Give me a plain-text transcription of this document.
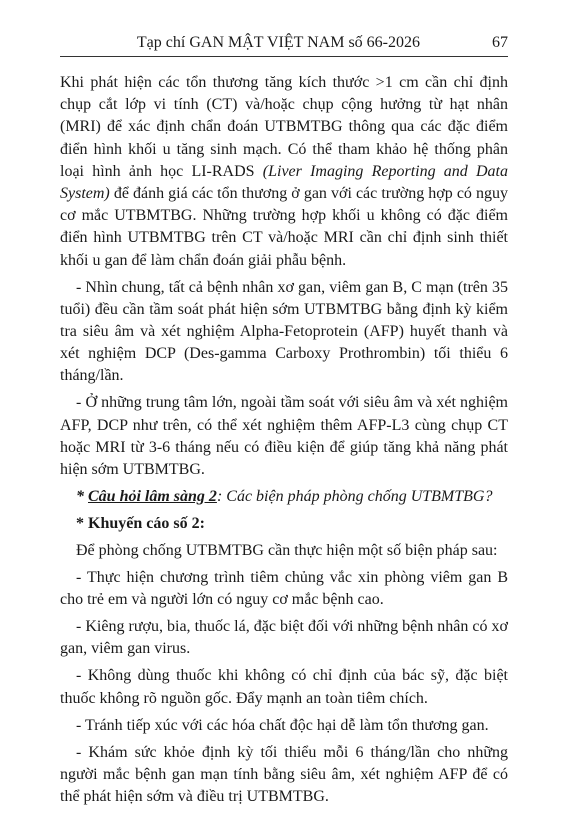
Tạp chí GAN MẬT VIỆT NAM số 66-2026	67

Khi phát hiện các tổn thương tăng kích thước >1 cm cần chỉ định chụp cắt lớp vi tính (CT) và/hoặc chụp cộng hưởng từ hạt nhân (MRI) để xác định chẩn đoán UTBMTBG thông qua các đặc điểm điển hình khối u tăng sinh mạch. Có thể tham khảo hệ thống phân loại hình ảnh học LI-RADS (Liver Imaging Reporting and Data System) để đánh giá các tổn thương ở gan với các trường hợp có nguy cơ mắc UTBMTBG. Những trường hợp khối u không có đặc điểm điển hình UTBMTBG trên CT và/hoặc MRI cần chỉ định sinh thiết khối u gan để làm chẩn đoán giải phẫu bệnh.

- Nhìn chung, tất cả bệnh nhân xơ gan, viêm gan B, C mạn (trên 35 tuổi) đều cần tầm soát phát hiện sớm UTBMTBG bằng định kỳ kiểm tra siêu âm và xét nghiệm Alpha-Fetoprotein (AFP) huyết thanh và xét nghiệm DCP (Des-gamma Carboxy Prothrombin) tối thiểu 6 tháng/lần.

- Ở những trung tâm lớn, ngoài tầm soát với siêu âm và xét nghiệm AFP, DCP như trên, có thể xét nghiệm thêm AFP-L3 cùng chụp CT hoặc MRI từ 3-6 tháng nếu có điều kiện để giúp tăng khả năng phát hiện sớm UTBMTBG.

* Câu hỏi lâm sàng 2: Các biện pháp phòng chống UTBMTBG?

* Khuyến cáo số 2:

Để phòng chống UTBMTBG cần thực hiện một số biện pháp sau:

- Thực hiện chương trình tiêm chủng vắc xin phòng viêm gan B cho trẻ em và người lớn có nguy cơ mắc bệnh cao.

- Kiêng rượu, bia, thuốc lá, đặc biệt đối với những bệnh nhân có xơ gan, viêm gan virus.

- Không dùng thuốc khi không có chỉ định của bác sỹ, đặc biệt thuốc không rõ nguồn gốc. Đẩy mạnh an toàn tiêm chích.

- Tránh tiếp xúc với các hóa chất độc hại dễ làm tổn thương gan.

- Khám sức khỏe định kỳ tối thiểu mỗi 6 tháng/lần cho những người mắc bệnh gan mạn tính bằng siêu âm, xét nghiệm AFP để có thể phát hiện sớm và điều trị UTBMTBG.
